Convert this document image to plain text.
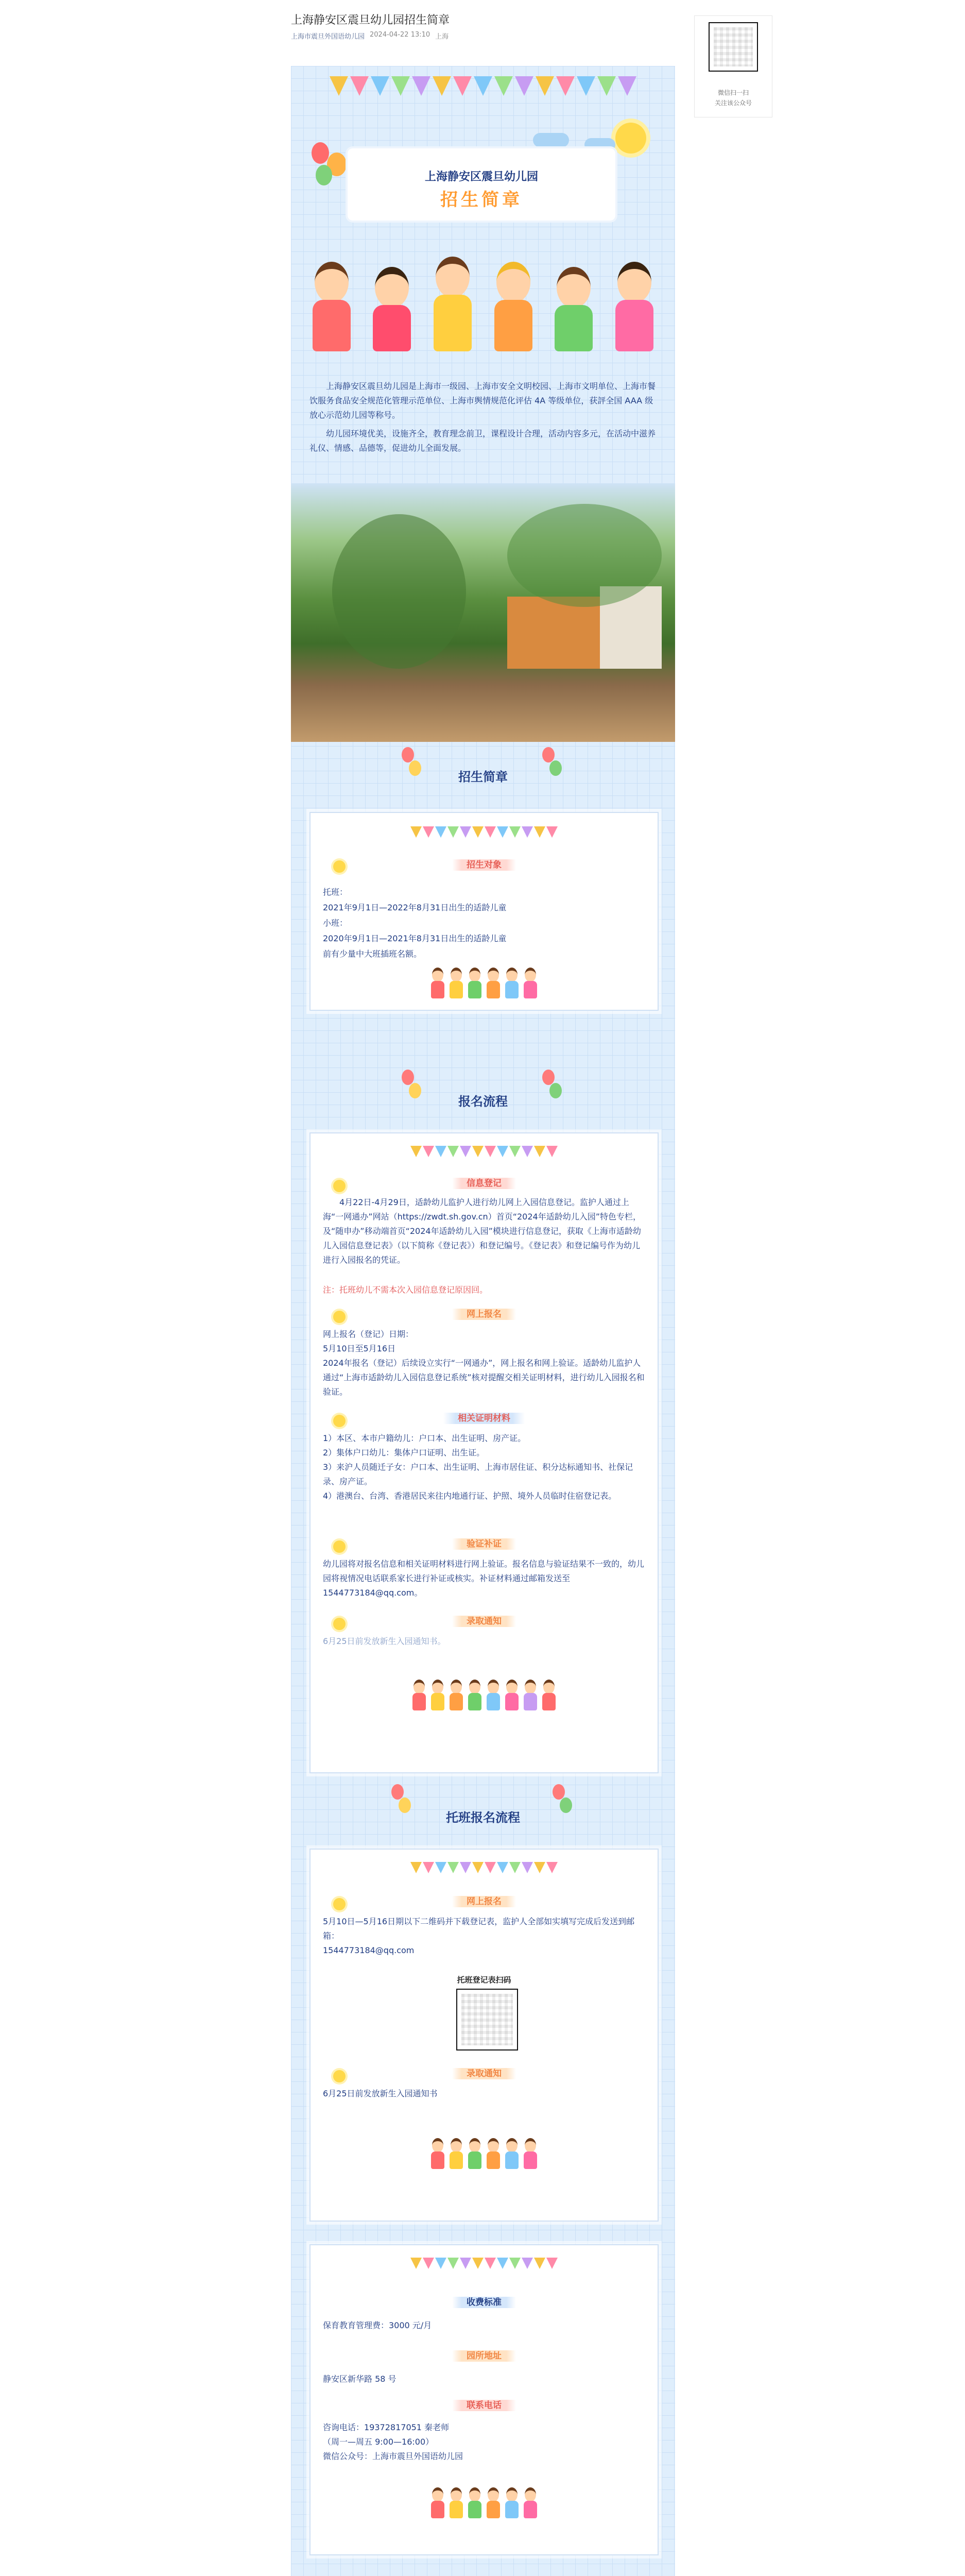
上海静安区震旦幼儿园招生简章
上海市震旦外国语幼儿园 2024-04-22 13:10 上海
微信扫一扫
关注该公众号
上海静安区震旦幼儿园
招生简章
上海静安区震旦幼儿园是上海市一级园、上海市安全文明校园、上海市文明单位、上海市餐饮服务食品安全规范化管理示范单位、上海市舆情规范化评估 4A 等级单位，获評全国 AAA 级放心示范幼儿园等称号。
幼儿园环境优美，设施齐全，教育理念前卫，课程设计合理，活动内容多元，在活动中滋养礼仪、情感、品德等，促进幼儿全面发展。
招生简章
招生对象
托班：
2021年9月1日—2022年8月31日出生的适龄儿童
小班：
2020年9月1日—2021年8月31日出生的适龄儿童
前有少量中大班插班名额。
报名流程
信息登记
4月22日-4月29日，适龄幼儿监护人进行幼儿网上入园信息登记。监护人通过上海“一网通办”网站（https://zwdt.sh.gov.cn）首页“2024年适龄幼儿入园”特色专栏，及“随申办”移动端首页“2024年适龄幼儿入园”模块进行信息登记，获取《上海市适龄幼儿入园信息登记表》（以下简称《登记表》）和登记编号。《登记表》和登记编号作为幼儿进行入园报名的凭证。
注：托班幼儿不需本次入园信息登记原因回。
网上报名
网上报名（登记）日期：
5月10日至5月16日
2024年报名（登记）后续设立实行“一网通办”，网上报名和网上验证。适龄幼儿监护人通过“上海市适龄幼儿入园信息登记系统”核对提醒交相关证明材料，进行幼儿入园报名和验证。
相关证明材料
1）本区、本市户籍幼儿：户口本、出生证明、房产证。
2）集体户口幼儿：集体户口证明、出生证。
3）来沪人员随迁子女：户口本、出生证明、上海市居住证、积分达标通知书、社保记录、房产证。
4）港澳台、台湾、香港居民来往内地通行证、护照、境外人员临时住宿登记表。
验证补证
幼儿园将对报名信息和相关证明材料进行网上验证。报名信息与验证结果不一致的，幼儿园将视情况电话联系家长进行补证或核实。补证材料通过邮箱发送至 1544773184@qq.com。
录取通知
6月25日前发放新生入园通知书。
托班报名流程
网上报名
5月10日—5月16日期以下二维码并下载登记表，监护人全部如实填写完成后发送到邮箱：
1544773184@qq.com
托班登记表扫码
录取通知
6月25日前发放新生入园通知书
收费标准
保育教育管理费：3000 元/月
园所地址
静安区新华路 58 号
联系电话
咨询电话：19372817051 秦老师
（周一—周五 9:00—16:00）
微信公众号：上海市震旦外国语幼儿园
